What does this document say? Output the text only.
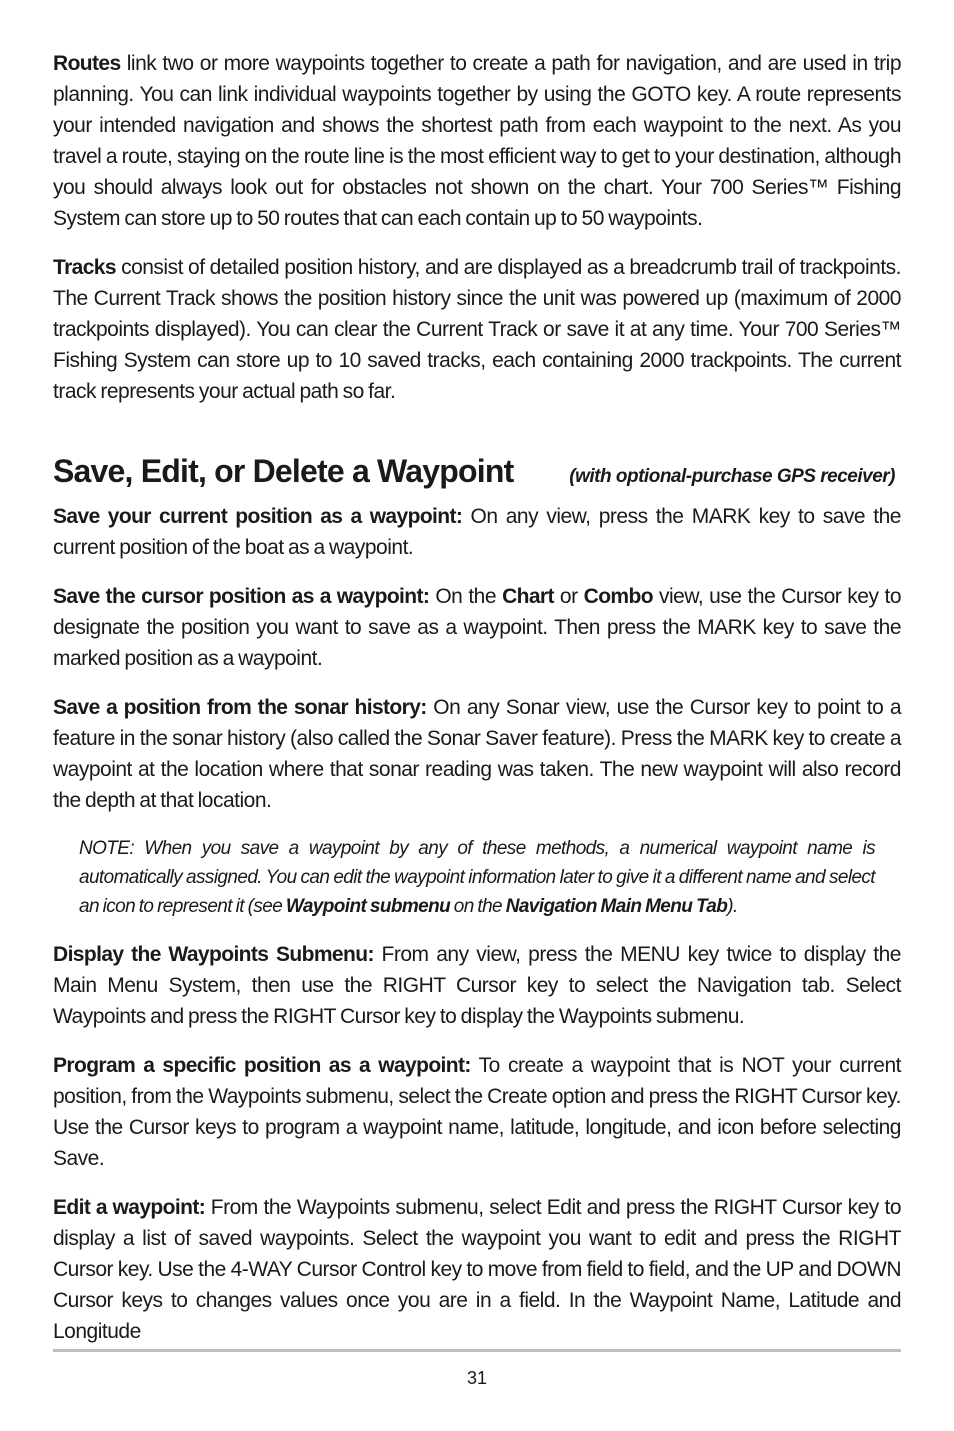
Routes link two or more waypoints together to create a path for navigation, and are used in trip planning. You can link individual waypoints together by using the GOTO key. A route represents your intended navigation and shows the shortest path from each waypoint to the next. As you travel a route, staying on the route line is the most efficient way to get to your destination, although you should always look out for obstacles not shown on the chart. Your 700 Series™ Fishing System can store up to 50 routes that can each contain up to 50 waypoints.

Tracks consist of detailed position history, and are displayed as a breadcrumb trail of trackpoints. The Current Track shows the position history since the unit was powered up (maximum of 2000 trackpoints displayed). You can clear the Current Track or save it at any time. Your 700 Series™ Fishing System can store up to 10 saved tracks, each containing 2000 trackpoints. The current track represents your actual path so far.

Save, Edit, or Delete a Waypoint	(with optional-purchase GPS receiver)

Save your current position as a waypoint: On any view, press the MARK key to save the current position of the boat as a waypoint.

Save the cursor position as a waypoint: On the Chart or Combo view, use the Cursor key to designate the position you want to save as a waypoint. Then press the MARK key to save the marked position as a waypoint.

Save a position from the sonar history: On any Sonar view, use the Cursor key to point to a feature in the sonar history (also called the Sonar Saver feature). Press the MARK key to create a waypoint at the location where that sonar reading was taken. The new waypoint will also record the depth at that location.

NOTE: When you save a waypoint by any of these methods, a numerical waypoint name is automatically assigned. You can edit the waypoint information later to give it a different name and select an icon to represent it (see Waypoint submenu on the Navigation Main Menu Tab).

Display the Waypoints Submenu: From any view, press the MENU key twice to display the Main Menu System, then use the RIGHT Cursor key to select the Navigation tab. Select Waypoints and press the RIGHT Cursor key to display the Waypoints submenu.

Program a specific position as a waypoint: To create a waypoint that is NOT your current position, from the Waypoints submenu, select the Create option and press the RIGHT Cursor key. Use the Cursor keys to program a waypoint name, latitude, longitude, and icon before selecting Save.

Edit a waypoint: From the Waypoints submenu, select Edit and press the RIGHT Cursor key to display a list of saved waypoints. Select the waypoint you want to edit and press the RIGHT Cursor key. Use the 4-WAY Cursor Control key to move from field to field, and the UP and DOWN Cursor keys to changes values once you are in a field. In the Waypoint Name, Latitude and Longitude

31
